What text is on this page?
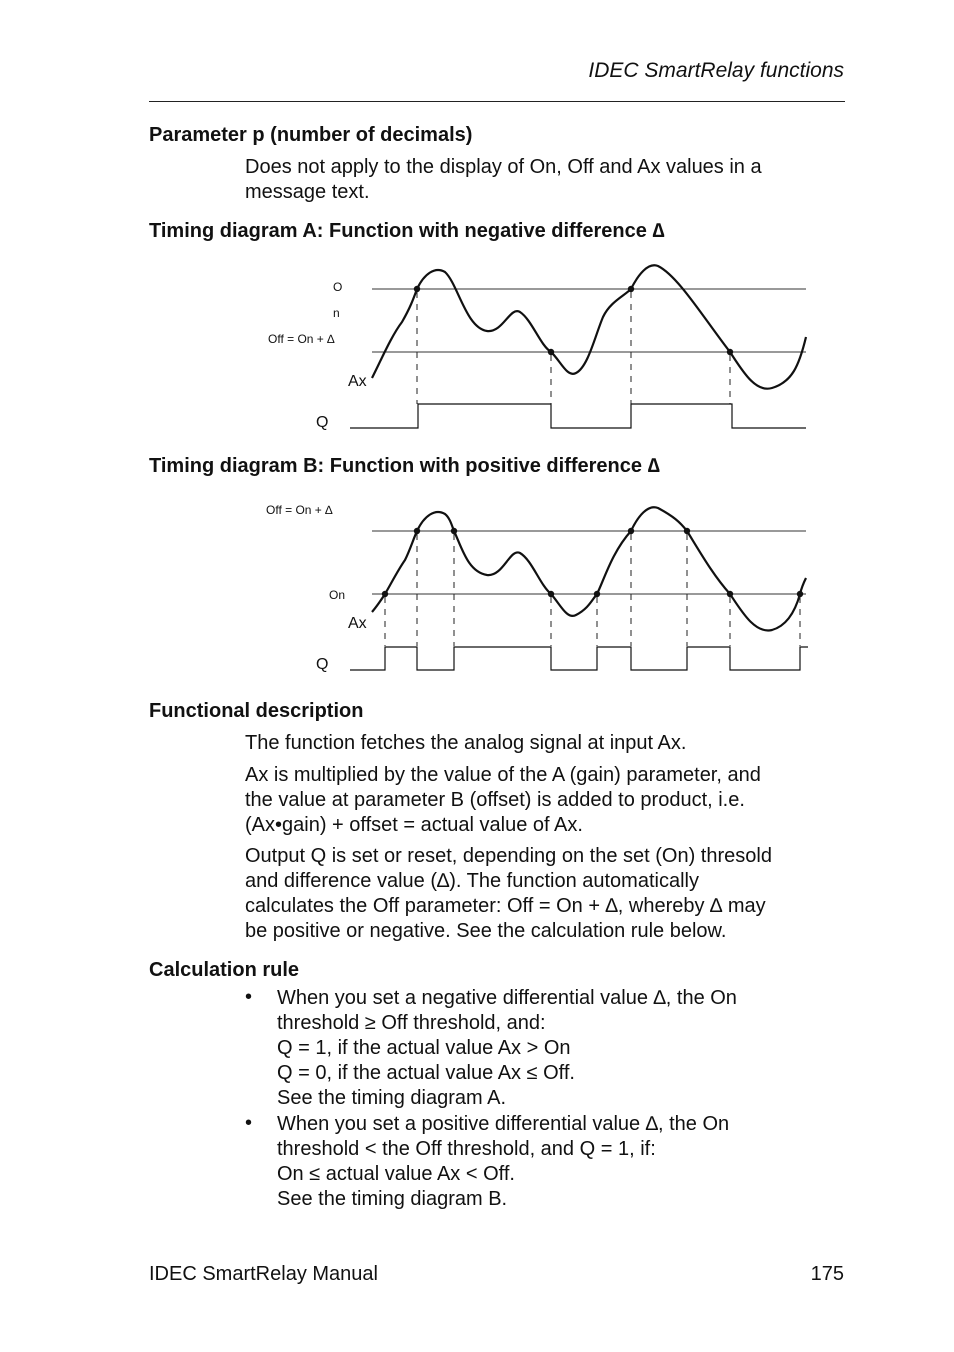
IDEC SmartRelay functions
Parameter p (number of decimals)
Does not apply to the display of On, Off and Ax values in a
message text.
Timing diagram A: Function with negative difference ∆
O
n
Off = On + ∆
Ax
Q
Timing diagram B: Function with positive difference ∆
Off = On + ∆
On
Ax
Q
Functional description
The function fetches the analog signal at input Ax.
Ax is multiplied by the value of the A (gain) parameter, and
the value at parameter B (offset) is added to product, i.e.
(Ax•gain) + offset = actual value of Ax.
Output Q is set or reset, depending on the set (On) thresold
and difference value (∆). The function automatically
calculates the Off parameter: Off = On + ∆, whereby ∆ may
be positive or negative. See the calculation rule below.
Calculation rule
• When you set a negative differential value ∆, the On
threshold ≥ Off threshold, and:
Q = 1, if the actual value Ax > On
Q = 0, if the actual value Ax ≤ Off.
See the timing diagram A.
• When you set a positive differential value ∆, the On
threshold < the Off threshold, and Q = 1, if:
On ≤ actual value Ax < Off.
See the timing diagram B.
IDEC SmartRelay Manual	175
